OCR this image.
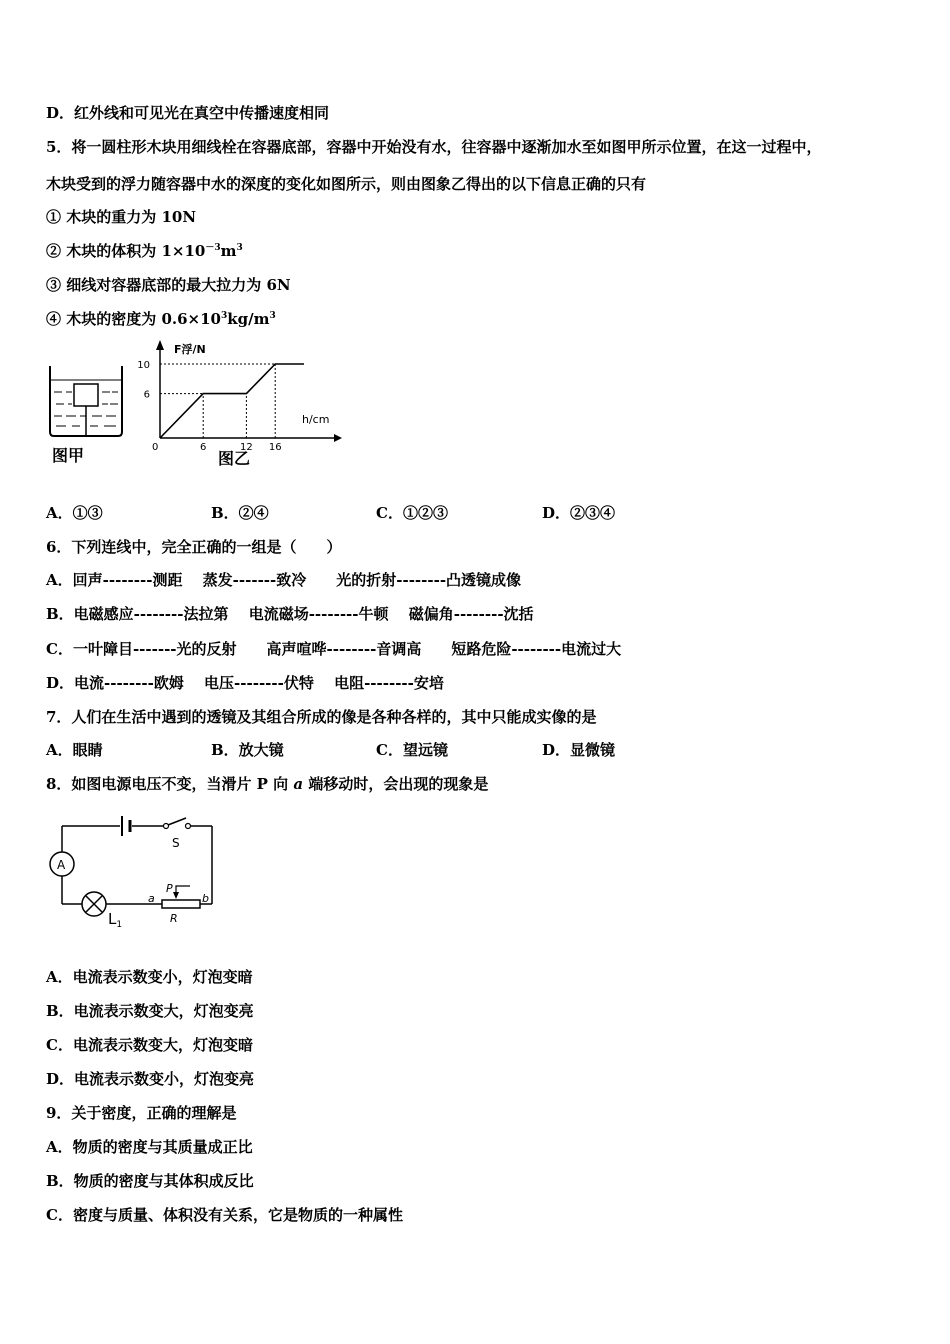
D．红外线和可见光在真空中传播速度相同
5．将一圆柱形木块用细线栓在容器底部，容器中开始没有水，往容器中逐渐加水至如图甲所示位置，在这一过程中，
木块受到的浮力随容器中水的深度的变化如图所示，则由图象乙得出的以下信息正确的只有
① 木块的重力为 10N
② 木块的体积为 $1\times 10^{-3}m^3$
③ 细线对容器底部的最大拉力为 6N
④ 木块的密度为 $0.6\times 10^3kg/m^3$
图甲
F浮/N
h/cm
0
6
10
6	12 16
图乙
A．①③	B．②④	C．①②③	D．②③④
6．下列连线中，完全正确的一组是（　　）
A．回声--------测距　 蒸发-------致冷　　光的折射--------凸透镜成像
B．电磁感应--------法拉第　 电流磁场--------牛顿　 磁偏角--------沈括
C．一叶障目-------光的反射　　高声喧哗--------音调高　　短路危险--------电流过大
D．电流--------欧姆　 电压--------伏特　 电阻--------安培
7．人们在生活中遇到的透镜及其组合所成的像是各种各样的，其中只能成实像的是
A．眼睛	B．放大镜	C．望远镜	D．显微镜
8．如图电源电压不变，当滑片 P 向 a 端移动时，会出现的现象是
S
A
$L_1$
a	b
P
R
A．电流表示数变小，灯泡变暗
B．电流表示数变大，灯泡变亮
C．电流表示数变大，灯泡变暗
D．电流表示数变小，灯泡变亮
9．关于密度，正确的理解是
A．物质的密度与其质量成正比
B．物质的密度与其体积成反比
C．密度与质量、体积没有关系，它是物质的一种属性
